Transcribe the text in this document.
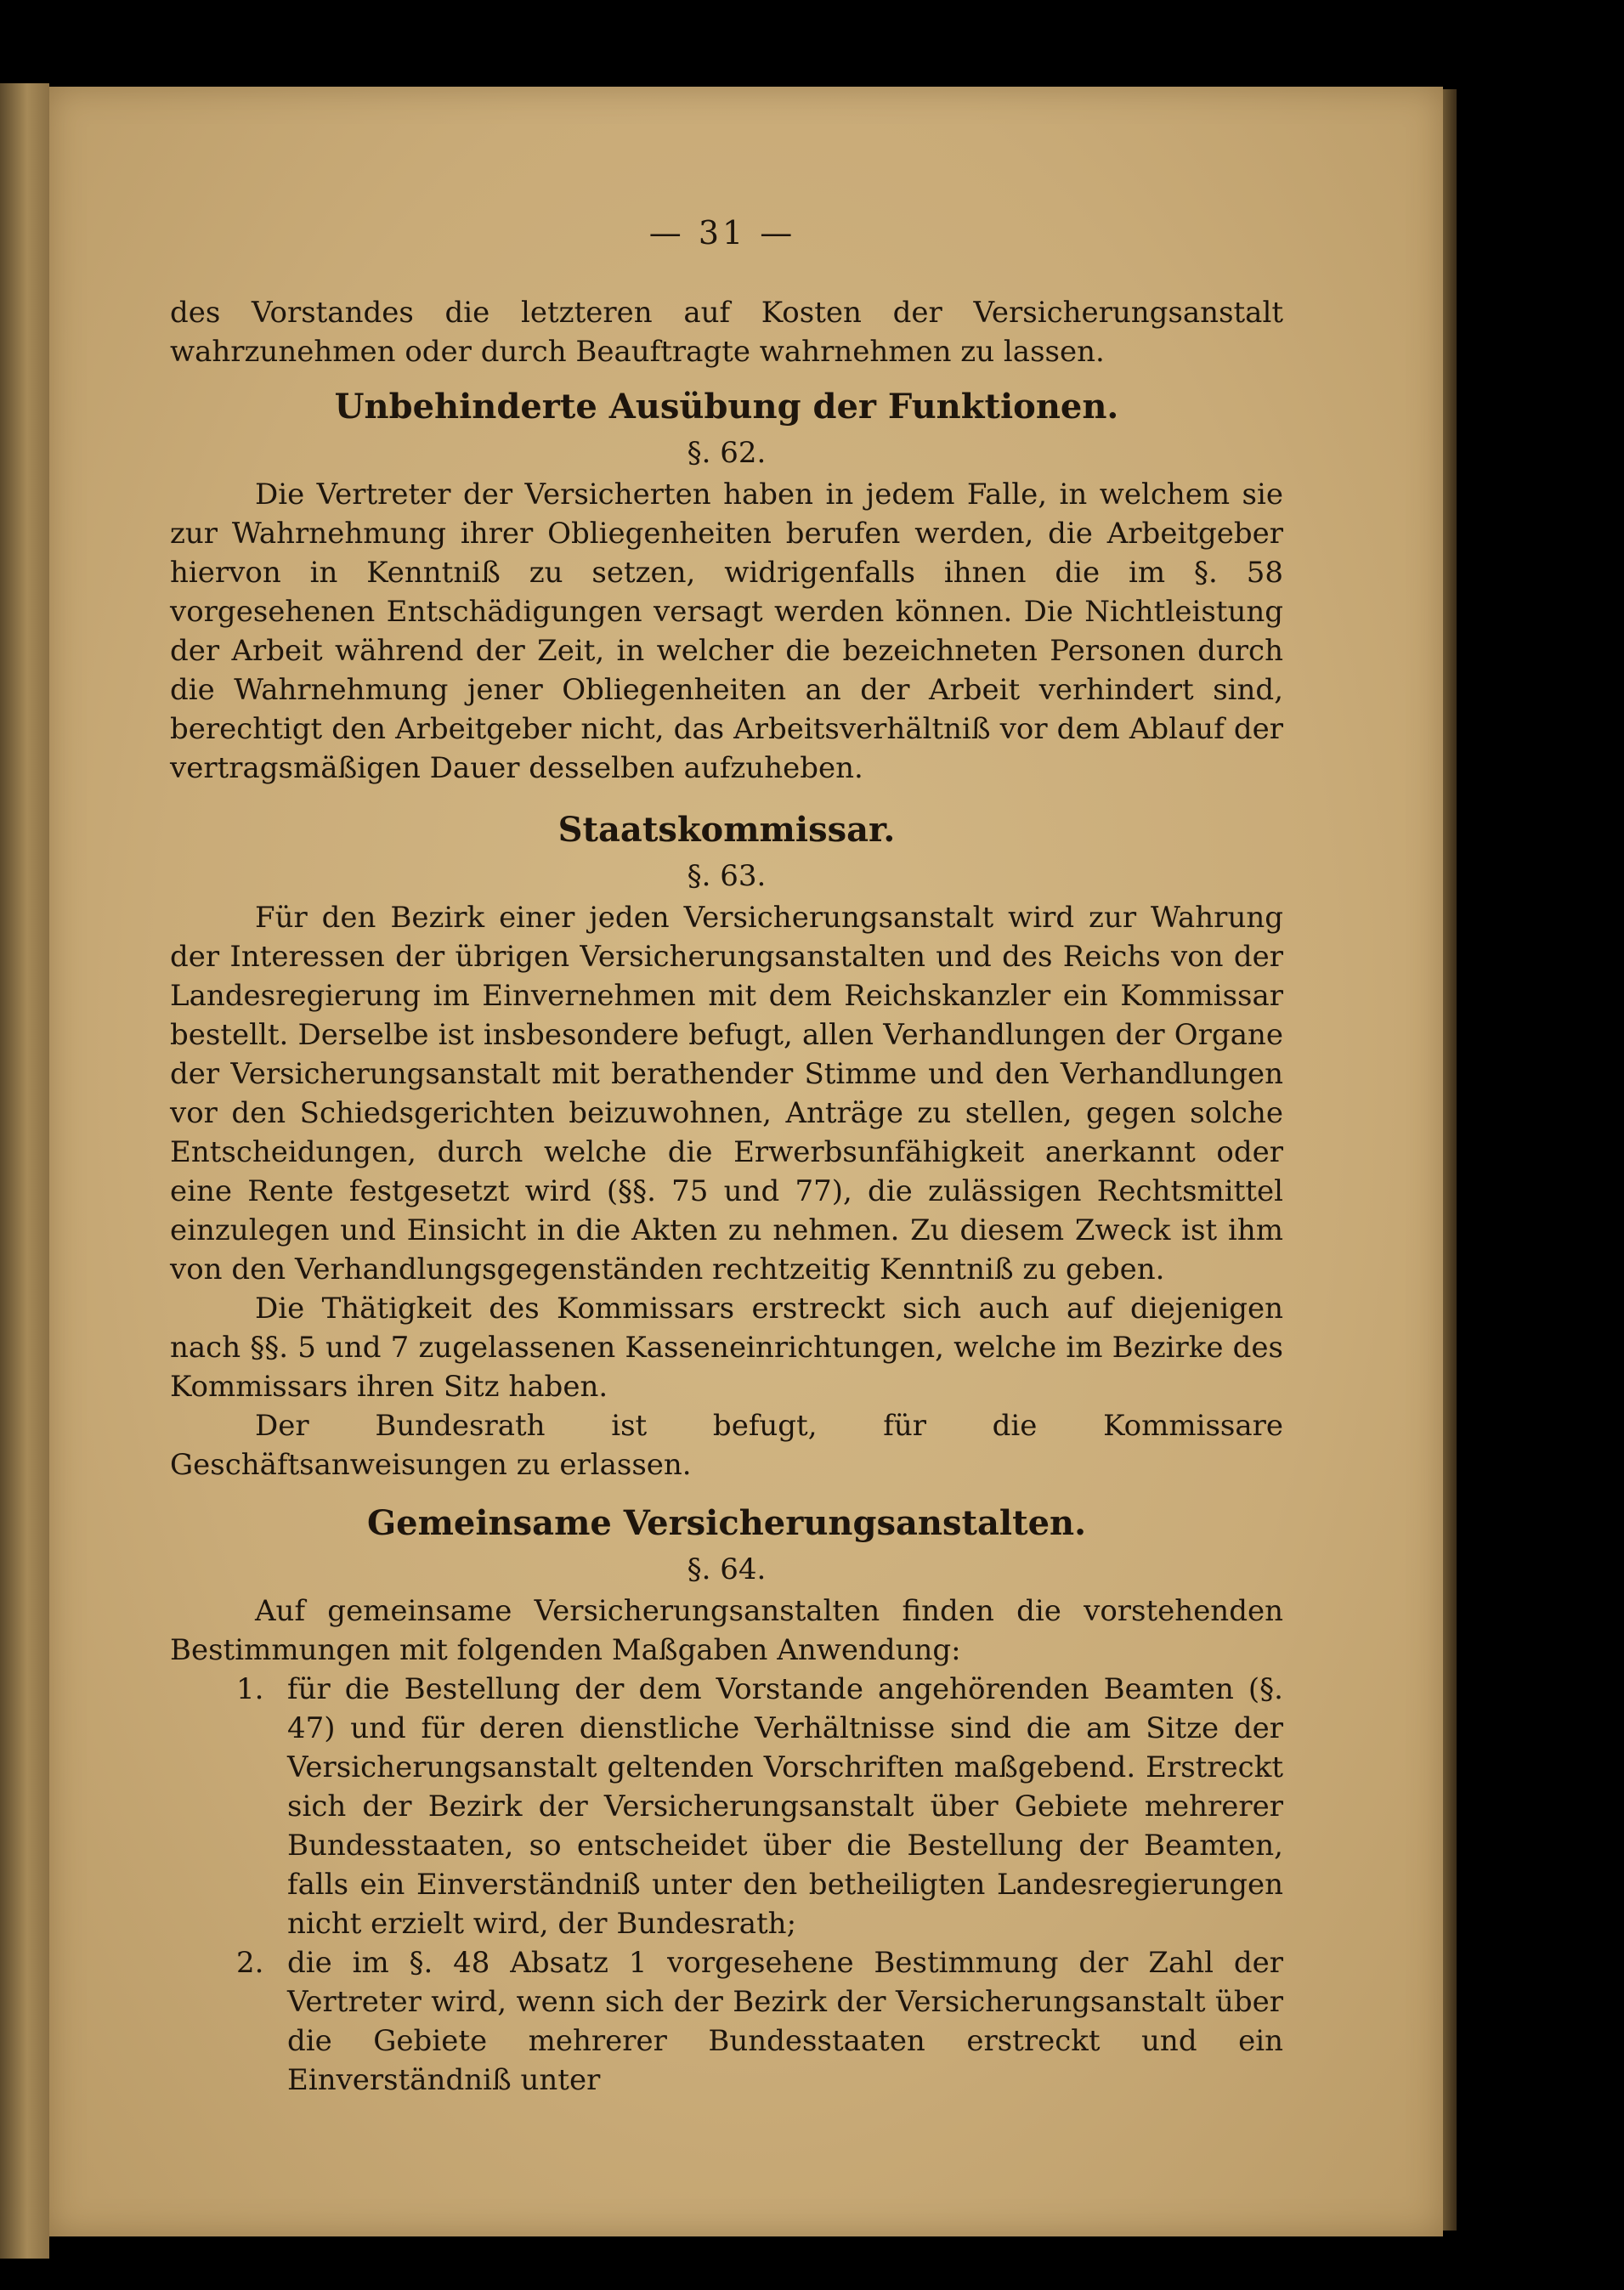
— 31 —

des Vorstandes die letzteren auf Kosten der Versicherungsanstalt wahrzunehmen oder durch Beauftragte wahrnehmen zu lassen.

Unbehinderte Ausübung der Funktionen.

§. 62.

Die Vertreter der Versicherten haben in jedem Falle, in welchem sie zur Wahrnehmung ihrer Obliegenheiten berufen werden, die Arbeitgeber hiervon in Kenntniß zu setzen, widrigenfalls ihnen die im §. 58 vorgesehenen Entschädigungen versagt werden können. Die Nichtleistung der Arbeit während der Zeit, in welcher die bezeichneten Personen durch die Wahrnehmung jener Obliegenheiten an der Arbeit verhindert sind, berechtigt den Arbeitgeber nicht, das Arbeitsverhältniß vor dem Ablauf der vertragsmäßigen Dauer desselben aufzuheben.

Staatskommissar.

§. 63.

Für den Bezirk einer jeden Versicherungsanstalt wird zur Wahrung der Interessen der übrigen Versicherungsanstalten und des Reichs von der Landesregierung im Einvernehmen mit dem Reichskanzler ein Kommissar bestellt. Derselbe ist insbesondere befugt, allen Verhandlungen der Organe der Versicherungsanstalt mit berathender Stimme und den Verhandlungen vor den Schiedsgerichten beizuwohnen, Anträge zu stellen, gegen solche Entscheidungen, durch welche die Erwerbsunfähigkeit anerkannt oder eine Rente festgesetzt wird (§§. 75 und 77), die zulässigen Rechtsmittel einzulegen und Einsicht in die Akten zu nehmen. Zu diesem Zweck ist ihm von den Verhandlungsgegenständen rechtzeitig Kenntniß zu geben.

Die Thätigkeit des Kommissars erstreckt sich auch auf diejenigen nach §§. 5 und 7 zugelassenen Kasseneinrichtungen, welche im Bezirke des Kommissars ihren Sitz haben.

Der Bundesrath ist befugt, für die Kommissare Geschäftsanweisungen zu erlassen.

Gemeinsame Versicherungsanstalten.

§. 64.

Auf gemeinsame Versicherungsanstalten finden die vorstehenden Bestimmungen mit folgenden Maßgaben Anwendung:

1. für die Bestellung der dem Vorstande angehörenden Beamten (§. 47) und für deren dienstliche Verhältnisse sind die am Sitze der Versicherungsanstalt geltenden Vorschriften maßgebend. Erstreckt sich der Bezirk der Versicherungsanstalt über Gebiete mehrerer Bundesstaaten, so entscheidet über die Bestellung der Beamten, falls ein Einverständniß unter den betheiligten Landesregierungen nicht erzielt wird, der Bundesrath;
2. die im §. 48 Absatz 1 vorgesehene Bestimmung der Zahl der Vertreter wird, wenn sich der Bezirk der Versicherungsanstalt über die Gebiete mehrerer Bundesstaaten erstreckt und ein Einverständniß unter
